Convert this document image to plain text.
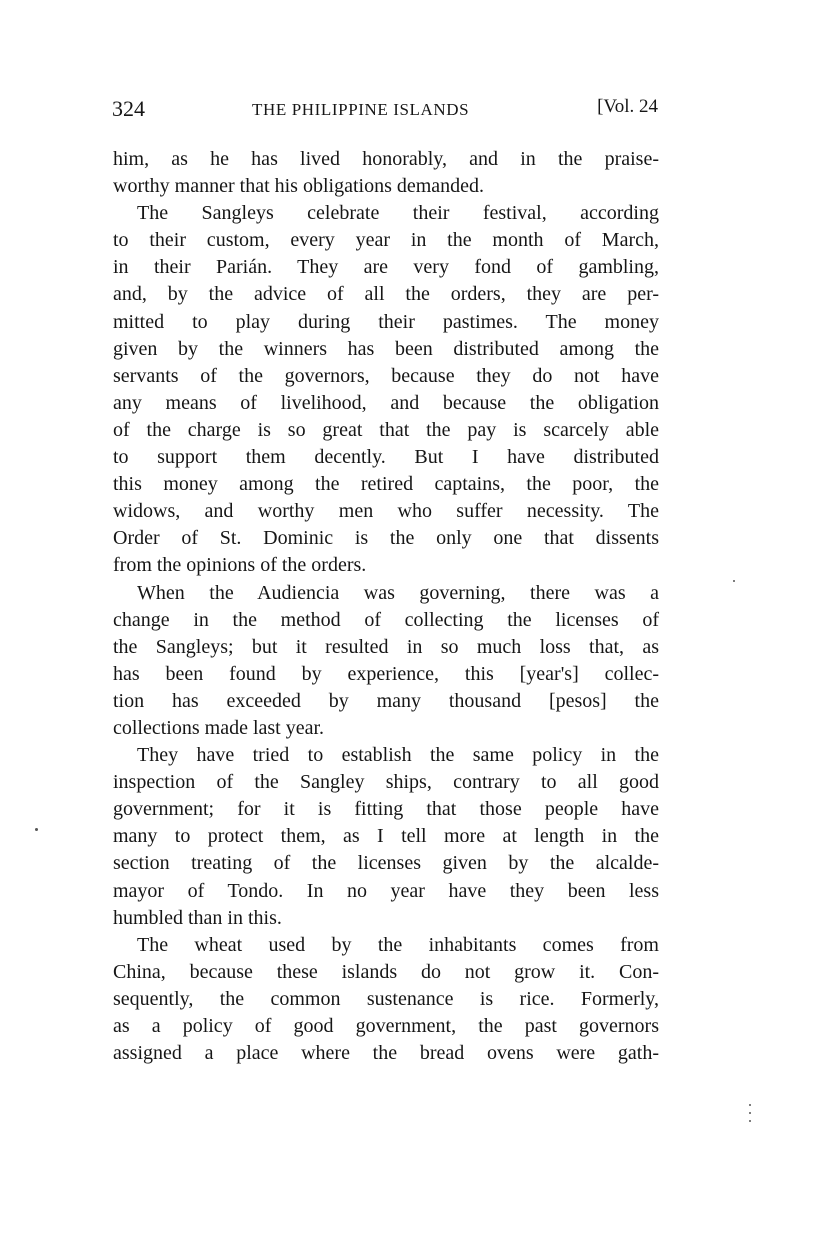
324	THE PHILIPPINE ISLANDS	[Vol. 24
him, as he has lived honorably, and in the praise-
worthy manner that his obligations demanded.
The Sangleys celebrate their festival, according
to their custom, every year in the month of March,
in their Parián. They are very fond of gambling,
and, by the advice of all the orders, they are per-
mitted to play during their pastimes. The money
given by the winners has been distributed among the
servants of the governors, because they do not have
any means of livelihood, and because the obligation
of the charge is so great that the pay is scarcely able
to support them decently. But I have distributed
this money among the retired captains, the poor, the
widows, and worthy men who suffer necessity. The
Order of St. Dominic is the only one that dissents
from the opinions of the orders.
When the Audiencia was governing, there was a
change in the method of collecting the licenses of
the Sangleys; but it resulted in so much loss that, as
has been found by experience, this [year's] collec-
tion has exceeded by many thousand [pesos] the
collections made last year.
They have tried to establish the same policy in the
inspection of the Sangley ships, contrary to all good
government; for it is fitting that those people have
many to protect them, as I tell more at length in the
section treating of the licenses given by the alcalde-
mayor of Tondo. In no year have they been less
humbled than in this.
The wheat used by the inhabitants comes from
China, because these islands do not grow it. Con-
sequently, the common sustenance is rice. Formerly,
as a policy of good government, the past governors
assigned a place where the bread ovens were gath-
